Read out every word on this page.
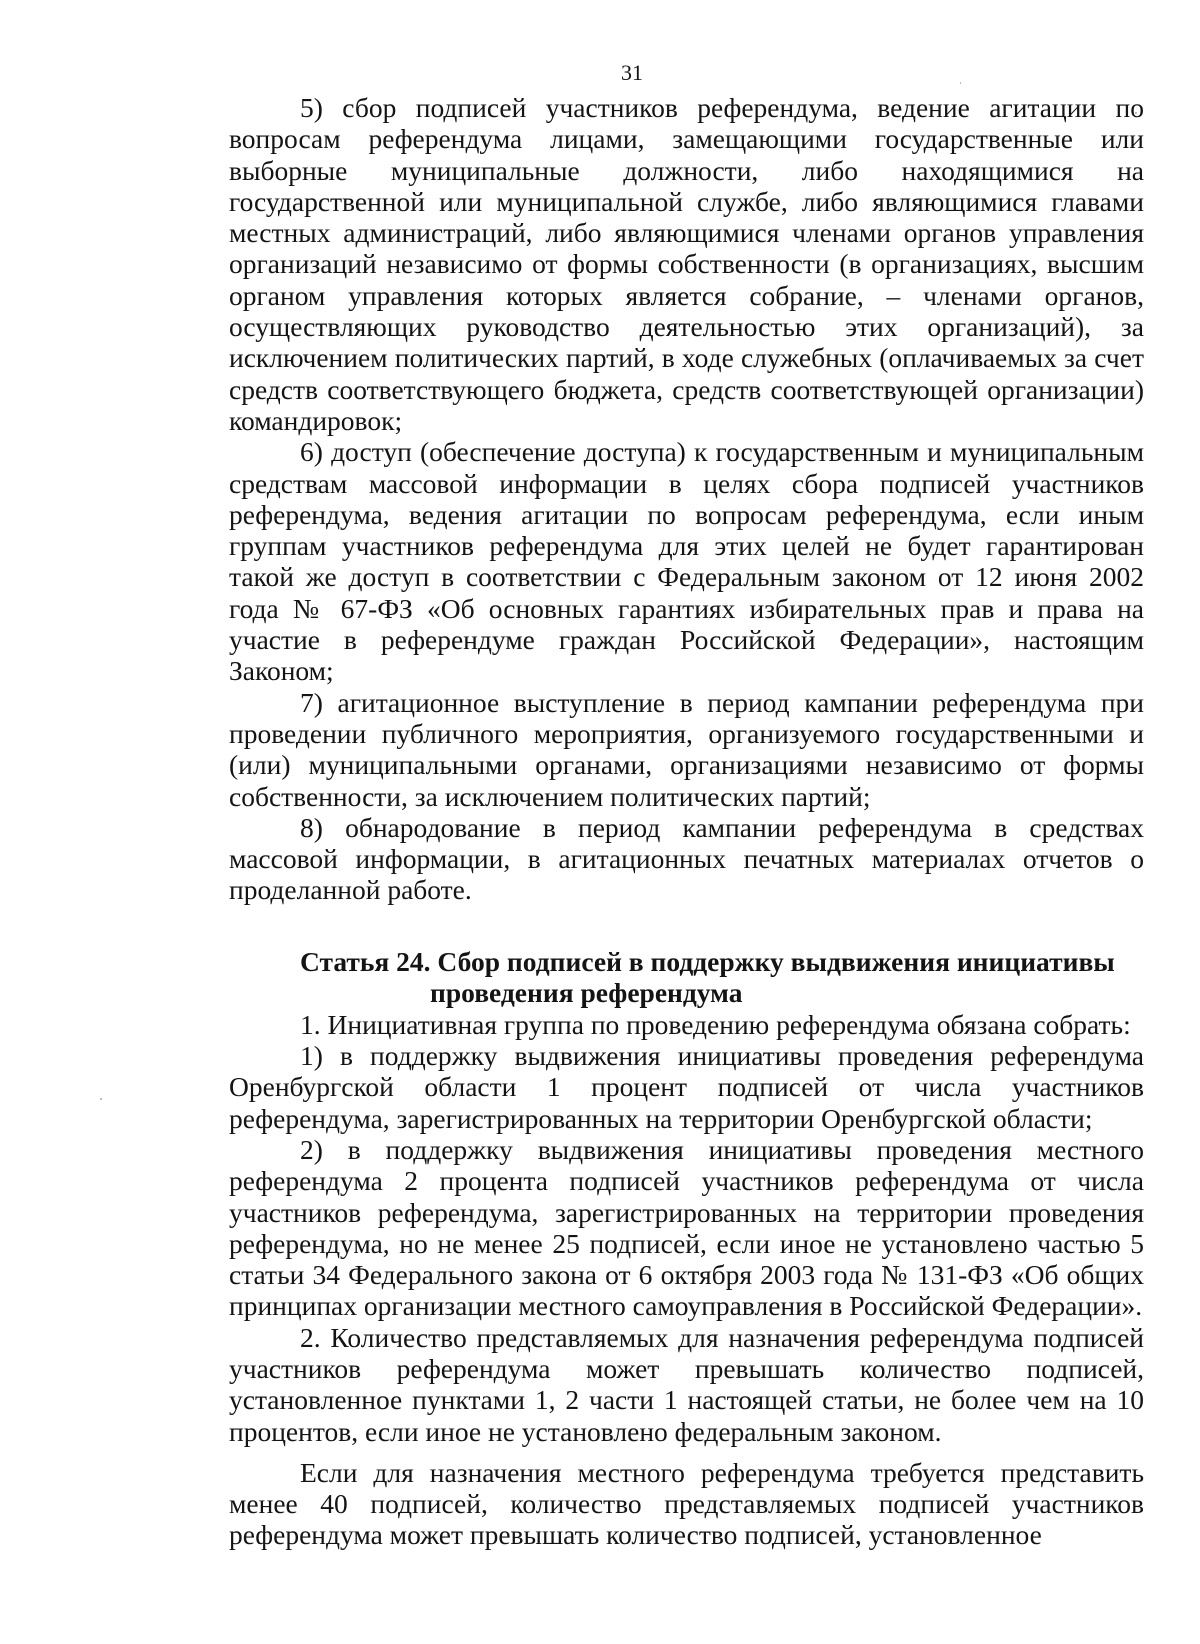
31

5) сбор подписей участников референдума, ведение агитации по вопросам референдума лицами, замещающими государственные или выборные муниципальные должности, либо находящимися на государственной или муниципальной службе, либо являющимися главами местных администраций, либо являющимися членами органов управления организаций независимо от формы собственности (в организациях, высшим органом управления которых является собрание, – членами органов, осуществляющих руководство деятельностью этих организаций), за исключением политических партий, в ходе служебных (оплачиваемых за счет средств соответствующего бюджета, средств соответствующей организации) командировок;

6) доступ (обеспечение доступа) к государственным и муниципальным средствам массовой информации в целях сбора подписей участников референдума, ведения агитации по вопросам референдума, если иным группам участников референдума для этих целей не будет гарантирован такой же доступ в соответствии с Федеральным законом от 12 июня 2002 года № 67-ФЗ «Об основных гарантиях избирательных прав и права на участие в референдуме граждан Российской Федерации», настоящим Законом;

7) агитационное выступление в период кампании референдума при проведении публичного мероприятия, организуемого государственными и (или) муниципальными органами, организациями независимо от формы собственности, за исключением политических партий;

8) обнародование в период кампании референдума в средствах массовой информации, в агитационных печатных материалах отчетов о проделанной работе.

Статья 24. Сбор подписей в поддержку выдвижения инициативы
проведения референдума

1. Инициативная группа по проведению референдума обязана собрать:

1) в поддержку выдвижения инициативы проведения референдума Оренбургской области 1 процент подписей от числа участников референдума, зарегистрированных на территории Оренбургской области;

2) в поддержку выдвижения инициативы проведения местного референдума 2 процента подписей участников референдума от числа участников референдума, зарегистрированных на территории проведения референдума, но не менее 25 подписей, если иное не установлено частью 5 статьи 34 Федерального закона от 6 октября 2003 года № 131-ФЗ «Об общих принципах организации местного самоуправления в Российской Федерации».

2. Количество представляемых для назначения референдума подписей участников референдума может превышать количество подписей, установленное пунктами 1, 2 части 1 настоящей статьи, не более чем на 10 процентов, если иное не установлено федеральным законом.

Если для назначения местного референдума требуется представить менее 40 подписей, количество представляемых подписей участников референдума может превышать количество подписей, установленное
